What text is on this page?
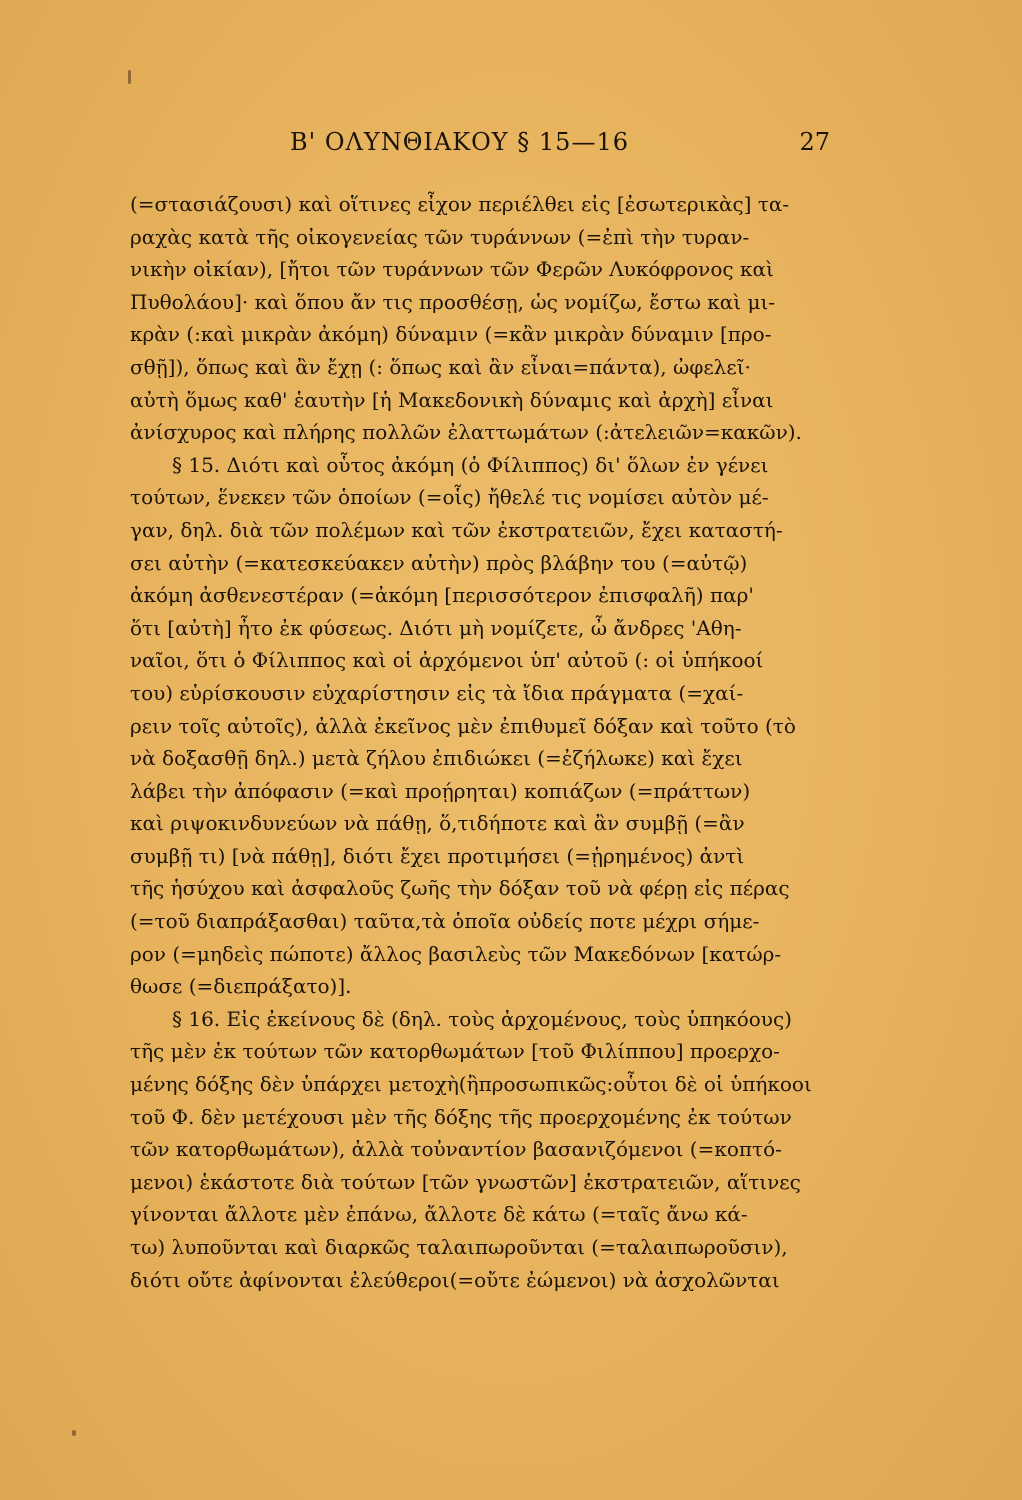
Β' ΟΛΥΝΘΙΑΚΟΥ § 15—16	27
(=στασιάζουσι) καὶ οἵτινες εἶχον περιέλθει εἰς [ἐσωτερικὰς] τα-
ραχὰς κατὰ τῆς οἰκογενείας τῶν τυράννων (=ἐπὶ τὴν τυραν-
νικὴν οἰκίαν), [ἤτοι τῶν τυράννων τῶν Φερῶν Λυκόφρονος καὶ
Πυθολάου]· καὶ ὅπου ἄν τις προσθέσῃ, ὡς νομίζω, ἔστω καὶ μι-
κρὰν (:καὶ μικρὰν ἀκόμη) δύναμιν (=κἂν μικρὰν δύναμιν [προ-
σθῇ]), ὅπως καὶ ἂν ἔχῃ (: ὅπως καὶ ἂν εἶναι=πάντα), ὠφελεῖ·
αὐτὴ ὅμως καθ' ἑαυτὴν [ἡ Μακεδονικὴ δύναμις καὶ ἀρχὴ] εἶναι
ἀνίσχυρος καὶ πλήρης πολλῶν ἐλαττωμάτων (:ἀτελειῶν=κακῶν).
§ 15. Διότι καὶ οὗτος ἀκόμη (ὁ Φίλιππος) δι' ὅλων ἐν γένει
τούτων, ἕνεκεν τῶν ὁποίων (=οἷς) ἤθελέ τις νομίσει αὐτὸν μέ-
γαν, δηλ. διὰ τῶν πολέμων καὶ τῶν ἐκστρατειῶν, ἔχει καταστή-
σει αὐτὴν (=κατεσκεύακεν αὐτὴν) πρὸς βλάβην του (=αὐτῷ)
ἀκόμη ἀσθενεστέραν (=ἀκόμη [περισσότερον ἐπισφαλῆ) παρ'
ὅτι [αὐτὴ] ἦτο ἐκ φύσεως. Διότι μὴ νομίζετε, ὦ ἄνδρες 'Αθη-
ναῖοι, ὅτι ὁ Φίλιππος καὶ οἱ ἀρχόμενοι ὑπ' αὐτοῦ (: οἱ ὑπήκοοί
του) εὑρίσκουσιν εὐχαρίστησιν εἰς τὰ ἴδια πράγματα (=χαί-
ρειν τοῖς αὐτοῖς), ἀλλὰ ἐκεῖνος μὲν ἐπιθυμεῖ δόξαν καὶ τοῦτο (τὸ
νὰ δοξασθῇ δηλ.) μετὰ ζήλου ἐπιδιώκει (=ἐζήλωκε) καὶ ἔχει
λάβει τὴν ἀπόφασιν (=καὶ προῄρηται) κοπιάζων (=πράττων)
καὶ ριψοκινδυνεύων νὰ πάθῃ, ὅ,τιδήποτε καὶ ἂν συμβῇ (=ἂν
συμβῇ τι) [νὰ πάθῃ], διότι ἔχει προτιμήσει (=ᾑρημένος) ἀντὶ
τῆς ἡσύχου καὶ ἀσφαλοῦς ζωῆς τὴν δόξαν τοῦ νὰ φέρῃ εἰς πέρας
(=τοῦ διαπράξασθαι) ταῦτα,τὰ ὁποῖα οὐδείς ποτε μέχρι σήμε-
ρον (=μηδεὶς πώποτε) ἄλλος βασιλεὺς τῶν Μακεδόνων [κατώρ-
θωσε (=διεπράξατο)].
§ 16. Εἰς ἐκείνους δὲ (δηλ. τοὺς ἀρχομένους, τοὺς ὑπηκόους)
τῆς μὲν ἐκ τούτων τῶν κατορθωμάτων [τοῦ Φιλίππου] προερχο-
μένης δόξης δὲν ὑπάρχει μετοχὴ(ἢπροσωπικῶς:οὗτοι δὲ οἱ ὑπήκοοι
τοῦ Φ. δὲν μετέχουσι μὲν τῆς δόξης τῆς προερχομένης ἐκ τούτων
τῶν κατορθωμάτων), ἀλλὰ τοὐναντίον βασανιζόμενοι (=κοπτό-
μενοι) ἑκάστοτε διὰ τούτων [τῶν γνωστῶν] ἐκστρατειῶν, αἵτινες
γίνονται ἄλλοτε μὲν ἐπάνω, ἄλλοτε δὲ κάτω (=ταῖς ἄνω κά-
τω) λυποῦνται καὶ διαρκῶς ταλαιπωροῦνται (=ταλαιπωροῦσιν),
διότι οὔτε ἀφίνονται ἐλεύθεροι(=οὔτε ἐώμενοι) νὰ ἀσχολῶνται
